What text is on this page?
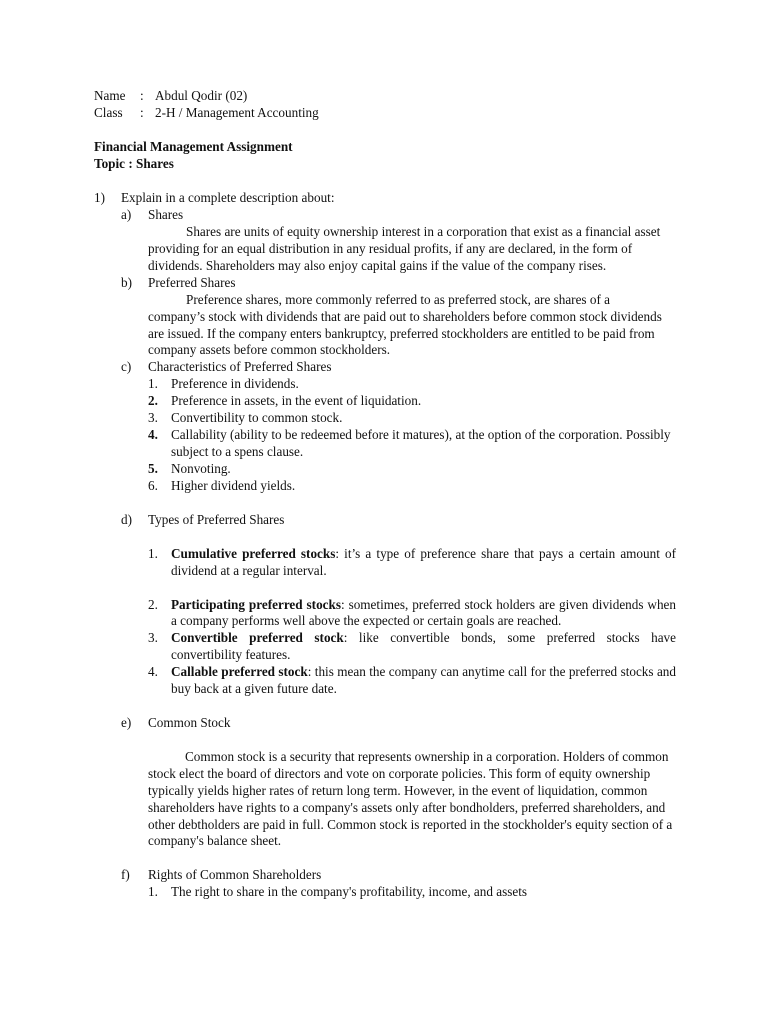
Name : Abdul Qodir (02)
Class : 2-H / Management Accounting
Financial Management Assignment
Topic : Shares
1) Explain in a complete description about:
a) Shares
Shares are units of equity ownership interest in a corporation that exist as a financial asset providing for an equal distribution in any residual profits, if any are declared, in the form of dividends. Shareholders may also enjoy capital gains if the value of the company rises.
b) Preferred Shares
Preference shares, more commonly referred to as preferred stock, are shares of a company’s stock with dividends that are paid out to shareholders before common stock dividends are issued. If the company enters bankruptcy, preferred stockholders are entitled to be paid from company assets before common stockholders.
c) Characteristics of Preferred Shares
1. Preference in dividends.
2. Preference in assets, in the event of liquidation.
3. Convertibility to common stock.
4. Callability (ability to be redeemed before it matures), at the option of the corporation. Possibly subject to a spens clause.
5. Nonvoting.
6. Higher dividend yields.
d) Types of Preferred Shares
1. Cumulative preferred stocks: it’s a type of preference share that pays a certain amount of dividend at a regular interval.
2. Participating preferred stocks: sometimes, preferred stock holders are given dividends when a company performs well above the expected or certain goals are reached.
3. Convertible preferred stock: like convertible bonds, some preferred stocks have convertibility features.
4. Callable preferred stock: this mean the company can anytime call for the preferred stocks and buy back at a given future date.
e) Common Stock
Common stock is a security that represents ownership in a corporation. Holders of common stock elect the board of directors and vote on corporate policies. This form of equity ownership typically yields higher rates of return long term. However, in the event of liquidation, common shareholders have rights to a company's assets only after bondholders, preferred shareholders, and other debtholders are paid in full. Common stock is reported in the stockholder's equity section of a company's balance sheet.
f) Rights of Common Shareholders
1. The right to share in the company's profitability, income, and assets
